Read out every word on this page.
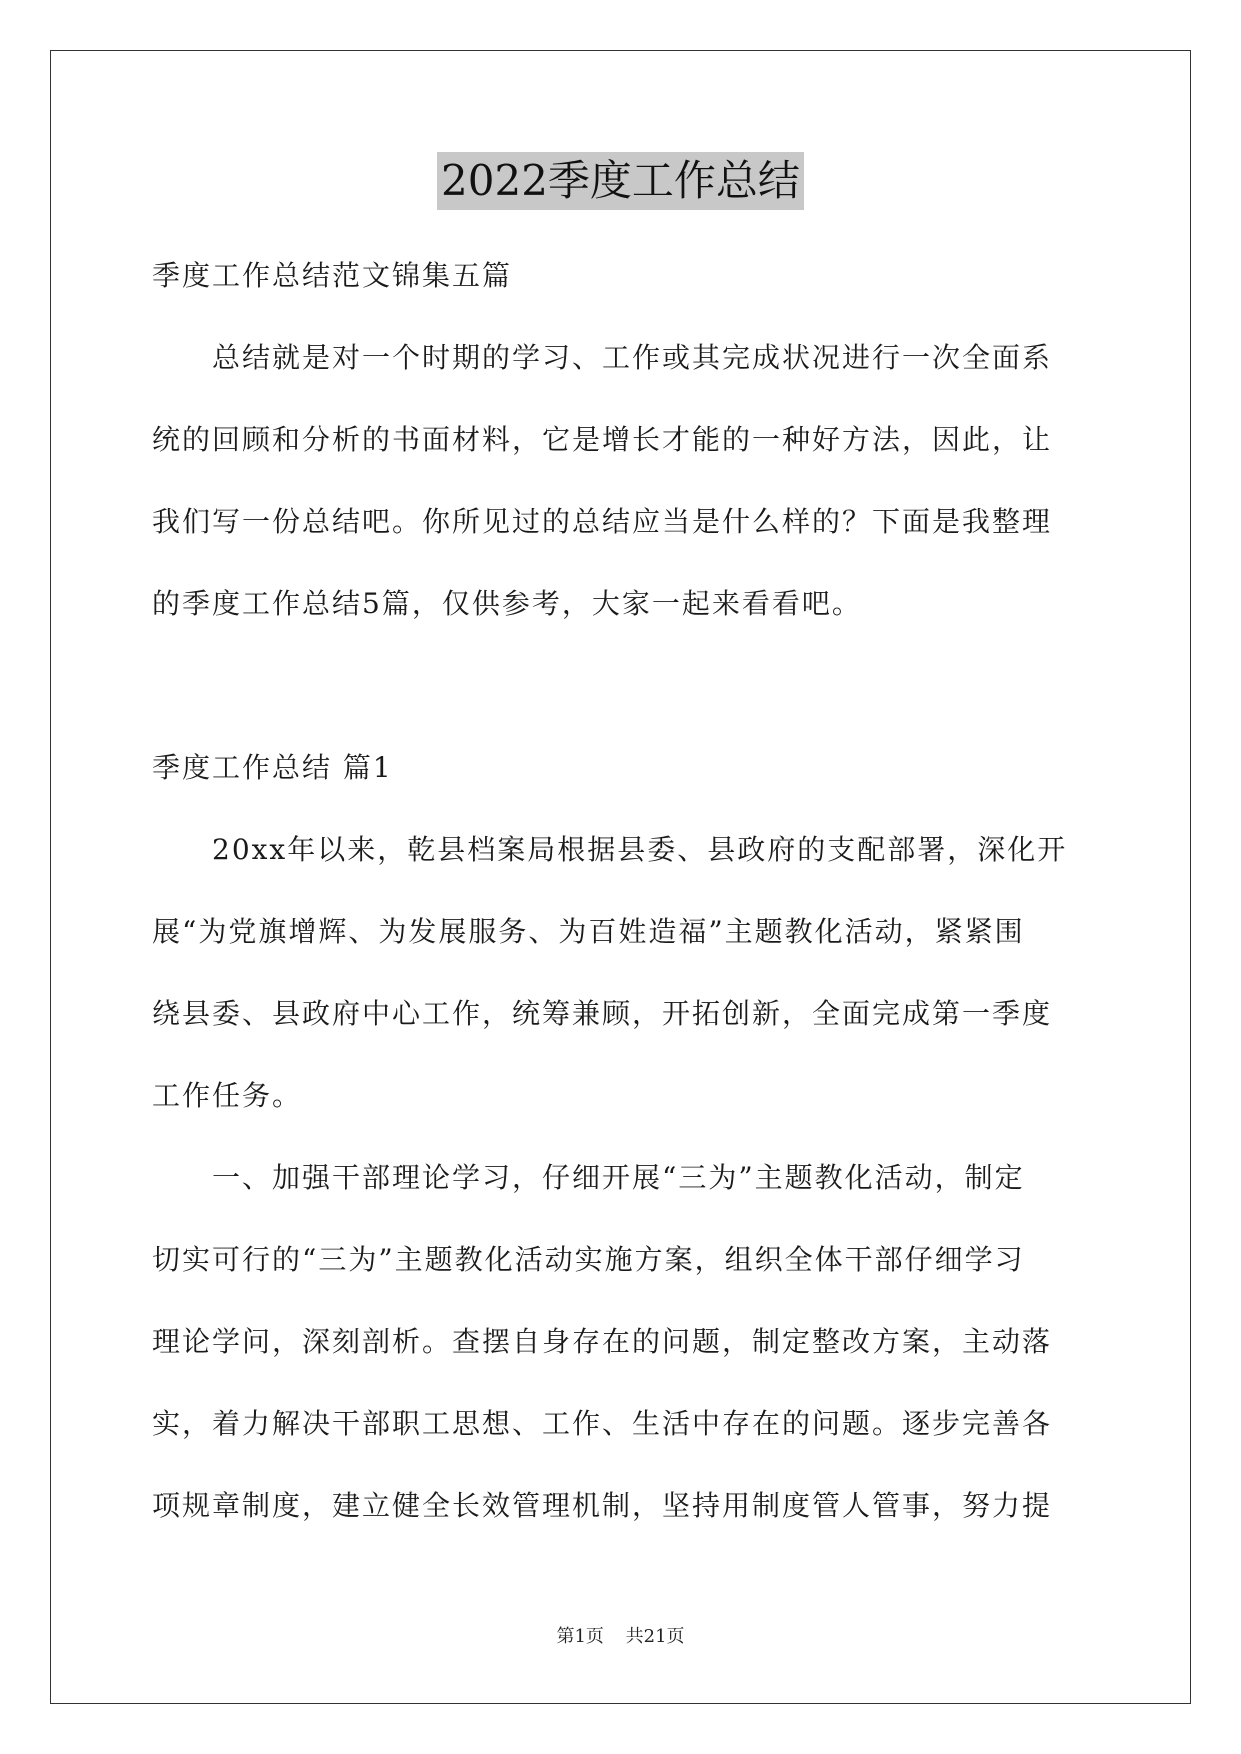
2022季度工作总结
季度工作总结范文锦集五篇
总结就是对一个时期的学习、工作或其完成状况进行一次全面系
统的回顾和分析的书面材料，它是增长才能的一种好方法，因此，让
我们写一份总结吧。你所见过的总结应当是什么样的？下面是我整理
的季度工作总结5篇，仅供参考，大家一起来看看吧。
季度工作总结 篇1
20xx年以来，乾县档案局根据县委、县政府的支配部署，深化开
展“为党旗增辉、为发展服务、为百姓造福”主题教化活动，紧紧围
绕县委、县政府中心工作，统筹兼顾，开拓创新，全面完成第一季度
工作任务。
一、加强干部理论学习，仔细开展“三为”主题教化活动，制定
切实可行的“三为”主题教化活动实施方案，组织全体干部仔细学习
理论学问，深刻剖析。查摆自身存在的问题，制定整改方案，主动落
实，着力解决干部职工思想、工作、生活中存在的问题。逐步完善各
项规章制度，建立健全长效管理机制，坚持用制度管人管事，努力提
第1页 共21页
